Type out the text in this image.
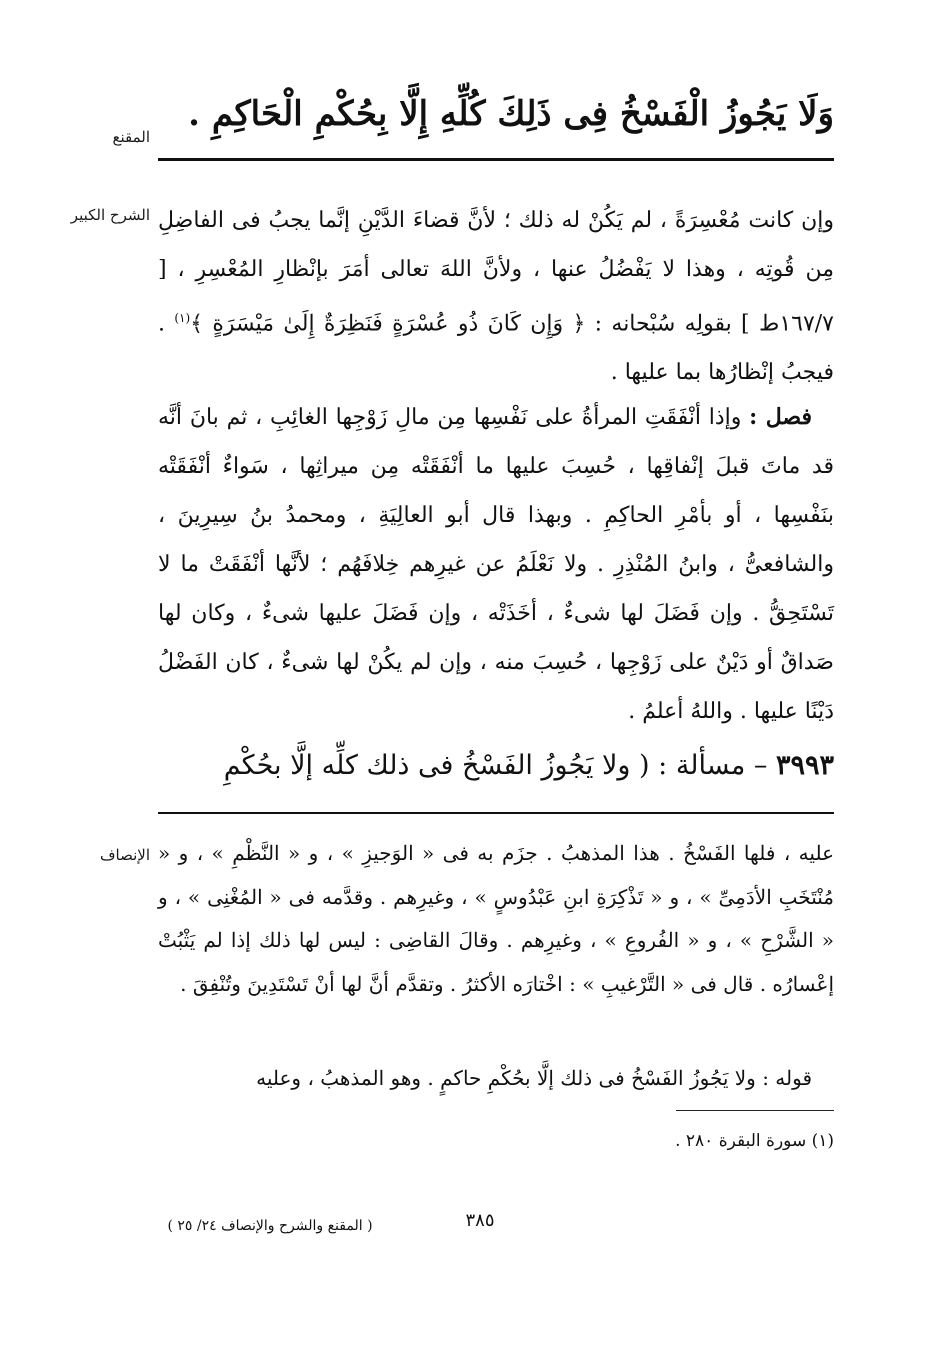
المقنع
الشرح الكبير
الإنصاف

وَلَا يَجُوزُ الْفَسْخُ فِى ذَلِكَ كُلِّهِ إِلَّا بِحُكْمِ الْحَاكِمِ .

وإن كانت مُعْسِرَةً ، لم يَكُنْ له ذلك ؛ لأنَّ قضاءَ الدَّيْنِ إنَّما يجبُ فى الفاضِلِ مِن قُوتِه ، وهذا لا يَفْضُلُ عنها ، ولأنَّ اللهَ تعالى أمَرَ بإنْظارِ المُعْسِرِ ، [ ١٦٧/٧ط ] بقولِه سُبْحانه : ﴿ وَإِن كَانَ ذُو عُسْرَةٍ فَنَظِرَةٌ إِلَىٰ مَيْسَرَةٍ ﴾$^{(١)}$ . فيجبُ إنْظارُها بما عليها .

فصل : وإذا أنْفَقَتِ المرأةُ على نَفْسِها مِن مالِ زَوْجِها الغائِبِ ، ثم بانَ أنَّه قد ماتَ قبلَ إنْفاقِها ، حُسِبَ عليها ما أنْفَقَتْه مِن ميراثِها ، سَواءٌ أنْفَقَتْه بنَفْسِها ، أو بأمْرِ الحاكِمِ . وبهذا قال أبو العالِيَةِ ، ومحمدُ بنُ سِيرِينَ ، والشافعىُّ ، وابنُ المُنْذِرِ . ولا نَعْلَمُ عن غيرِهم خِلافَهُم ؛ لأنَّها أنْفَقَتْ ما لا تَسْتَحِقُّ . وإن فَضَلَ لها شىءٌ ، أخَذَتْه ، وإن فَضَلَ عليها شىءٌ ، وكان لها صَداقٌ أو دَيْنٌ على زَوْجِها ، حُسِبَ منه ، وإن لم يكُنْ لها شىءٌ ، كان الفَضْلُ دَيْنًا عليها . واللهُ أعلمُ .

٣٩٩٣ – مسألة : ( ولا يَجُوزُ الفَسْخُ فى ذلك كلِّه إلَّا بحُكْمِ

عليه ، فلها الفَسْخُ . هذا المذهبُ . جزَم به فى « الوَجيزِ » ، و « النَّظْمِ » ، و « مُنْتَخَبِ الأدَمِىِّ » ، و « تَذْكِرَةِ ابنِ عَبْدُوسٍ » ، وغيرِهم . وقدَّمه فى « المُغْنِى » ، و « الشَّرْحِ » ، و « الفُروعِ » ، وغيرِهم . وقالَ القاضِى : ليس لها ذلك إذا لم يَثْبُتْ إعْسارُه . قال فى « التَّرْغيبِ » : اخْتارَه الأكثرُ . وتقدَّم أنَّ لها أنْ تَسْتَدِينَ وتُنْفِقَ .

قوله : ولا يَجُوزُ الفَسْخُ فى ذلك إلَّا بحُكْمِ حاكمٍ . وهو المذهبُ ، وعليه

(١) سورة البقرة ٢٨٠ .
٣٨٥
( المقنع والشرح والإنصاف ٢٤/ ٢٥ )
